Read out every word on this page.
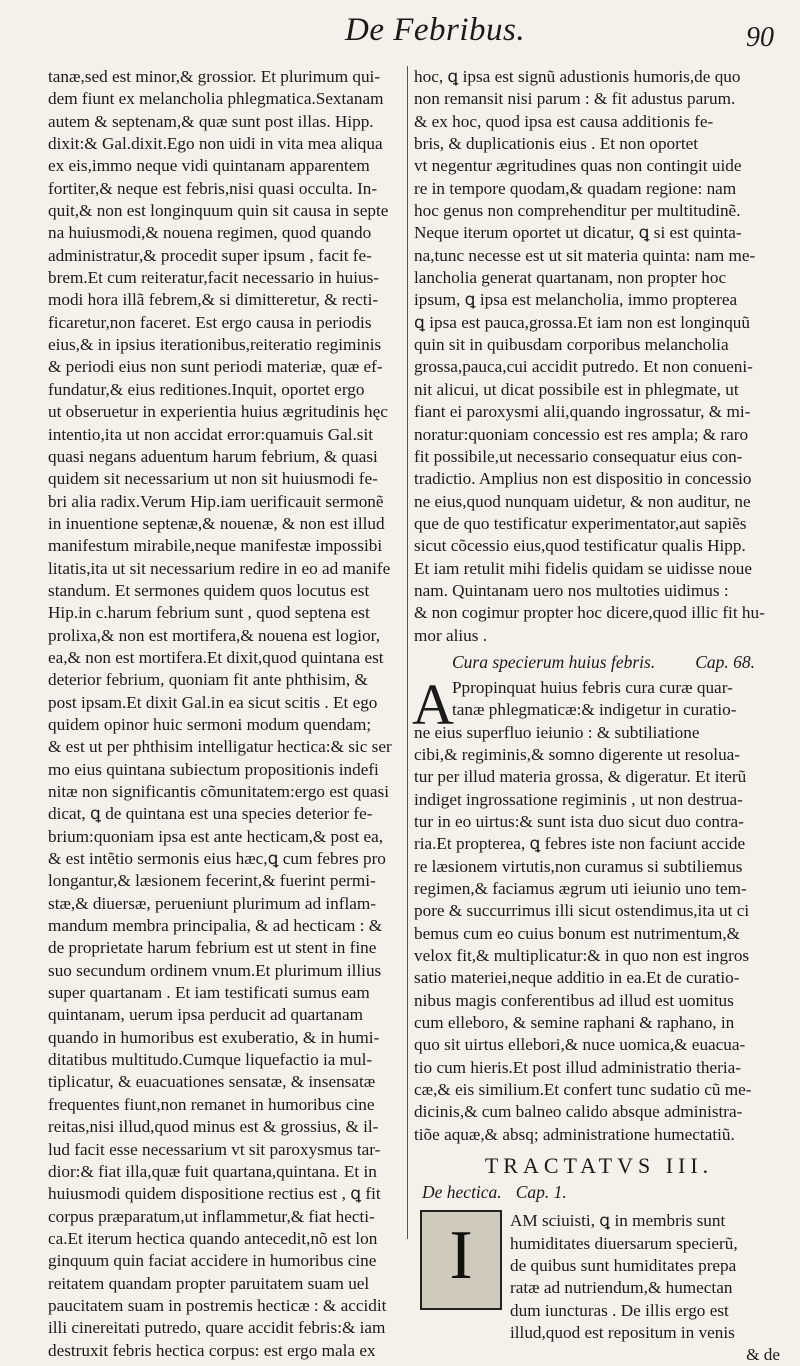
De Febribus.	90
tanæ,sed est minor,& grossior. Et plurimum qui-
dem fiunt ex melancholia phlegmatica.Sextanam
autem & septenam,& quæ sunt post illas. Hipp.
dixit:& Gal.dixit.Ego non uidi in vita mea aliqua
ex eis,immo neque vidi quintanam apparentem
fortiter,& neque est febris,nisi quasi occulta. In-
quit,& non est longinquum quin sit causa in septe
na huiusmodi,& nouena regimen, quod quando
administratur,& procedit super ipsum , facit fe-
brem.Et cum reiteratur,facit necessario in huius-
modi hora illã febrem,& si dimitteretur, & recti-
ficaretur,non faceret. Est ergo causa in periodis
eius,& in ipsius iterationibus,reiteratio regiminis
& periodi eius non sunt periodi materiæ, quæ ef-
fundatur,& eius reditiones.Inquit, oportet ergo
ut obseruetur in experientia huius ægritudinis hęc
intentio,ita ut non accidat error:quamuis Gal.sit
quasi negans aduentum harum febrium, & quasi
quidem sit necessarium ut non sit huiusmodi fe-
bri alia radix.Verum Hip.iam uerificauit sermonẽ
in inuentione septenæ,& nouenæ, & non est illud
manifestum mirabile,neque manifestæ impossibi
litatis,ita ut sit necessarium redire in eo ad manife
standum. Et sermones quidem quos locutus est
Hip.in c.harum febrium sunt , quod septena est
prolixa,& non est mortifera,& nouena est logior,
ea,& non est mortifera.Et dixit,quod quintana est
deterior febrium, quoniam fit ante phthisim, &
post ipsam.Et dixit Gal.in ea sicut scitis . Et ego
quidem opinor huic sermoni modum quendam;
& est ut per phthisim intelligatur hectica:& sic ser
mo eius quintana subiectum propositionis indefi
nitæ non significantis cõmunitatem:ergo est quasi
dicat, ꝗ de quintana est una species deterior fe-
brium:quoniam ipsa est ante hecticam,& post ea,
& est intẽtio sermonis eius hæc,ꝗ cum febres pro
longantur,& læsionem fecerint,& fuerint permi-
stæ,& diuersæ, perueniunt plurimum ad inflam-
mandum membra principalia, & ad hecticam : &
de proprietate harum febrium est ut stent in fine
suo secundum ordinem vnum.Et plurimum illius
super quartanam . Et iam testificati sumus eam
quintanam, uerum ipsa perducit ad quartanam
quando in humoribus est exuberatio, & in humi-
ditatibus multitudo.Cumque liquefactio ia mul-
tiplicatur, & euacuationes sensatæ, & insensatæ
frequentes fiunt,non remanet in humoribus cine
reitas,nisi illud,quod minus est & grossius, & il-
lud facit esse necessarium vt sit paroxysmus tar-
dior:& fiat illa,quæ fuit quartana,quintana. Et in
huiusmodi quidem dispositione rectius est , ꝗ fit
corpus præparatum,ut inflammetur,& fiat hecti-
ca.Et iterum hectica quando antecedit,nõ est lon
ginquum quin faciat accidere in humoribus cine
reitatem quandam propter paruitatem suam uel
paucitatem suam in postremis hecticæ : & accidit
illi cinereitati putredo, quare accidit febris:& iam
destruxit febris hectica corpus: est ergo mala ex
hoc, ꝗ ipsa est signũ adustionis humoris,de quo
non remansit nisi parum : & fit adustus parum.
& ex hoc, quod ipsa est causa additionis fe-
bris, & duplicationis eius . Et non oportet
vt negentur ægritudines quas non contingit uide
re in tempore quodam,& quadam regione: nam
hoc genus non comprehenditur per multitudinẽ.
Neque iterum oportet ut dicatur, ꝗ si est quinta-
na,tunc necesse est ut sit materia quinta: nam me-
lancholia generat quartanam, non propter hoc
ipsum, ꝗ ipsa est melancholia, immo propterea
ꝗ ipsa est pauca,grossa.Et iam non est longinquũ
quin sit in quibusdam corporibus melancholia
grossa,pauca,cui accidit putredo. Et non conueni-
nit alicui, ut dicat possibile est in phlegmate, ut
fiant ei paroxysmi alii,quando ingrossatur, & mi-
noratur:quoniam concessio est res ampla; & raro
fit possibile,ut necessario consequatur eius con-
tradictio. Amplius non est dispositio in concessio
ne eius,quod nunquam uidetur, & non auditur, ne
que de quo testificatur experimentator,aut sapiẽs
sicut cõcessio eius,quod testificatur qualis Hipp.
Et iam retulit mihi fidelis quidam se uidisse noue
nam. Quintanam uero nos multoties uidimus :
& non cogimur propter hoc dicere,quod illic fit hu-
mor alius .
Cura specierum huius febris. Cap. 68.
A
Ppropinquat huius febris cura curæ quar-
tanæ phlegmaticæ:& indigetur in curatio-
ne eius superfluo ieiunio : & subtiliatione
cibi,& regiminis,& somno digerente ut resolua-
tur per illud materia grossa, & digeratur. Et iterũ
indiget ingrossatione regiminis , ut non destrua-
tur in eo uirtus:& sunt ista duo sicut duo contra-
ria.Et propterea, ꝗ febres iste non faciunt accide
re læsionem virtutis,non curamus si subtiliemus
regimen,& faciamus ægrum uti ieiunio uno tem-
pore & succurrimus illi sicut ostendimus,ita ut ci
bemus cum eo cuius bonum est nutrimentum,&
velox fit,& multiplicatur:& in quo non est ingros
satio materiei,neque additio in ea.Et de curatio-
nibus magis conferentibus ad illud est uomitus
cum elleboro, & semine raphani & raphano, in
quo sit uirtus ellebori,& nuce uomica,& euacua-
tio cum hieris.Et post illud administratio theria-
cæ,& eis similium.Et confert tunc sudatio cũ me-
dicinis,& cum balneo calido absque administra-
tiõe aquæ,& absq; administratione humectatiũ.
TRACTATVS III.
De hectica. Cap. 1.
I	AM sciuisti, ꝗ in membris sunt
humiditates diuersarum specierũ,
de quibus sunt humiditates prepa
ratæ ad nutriendum,& humectan
dum iuncturas . De illis ergo est
illud,quod est repositum in venis
& de
